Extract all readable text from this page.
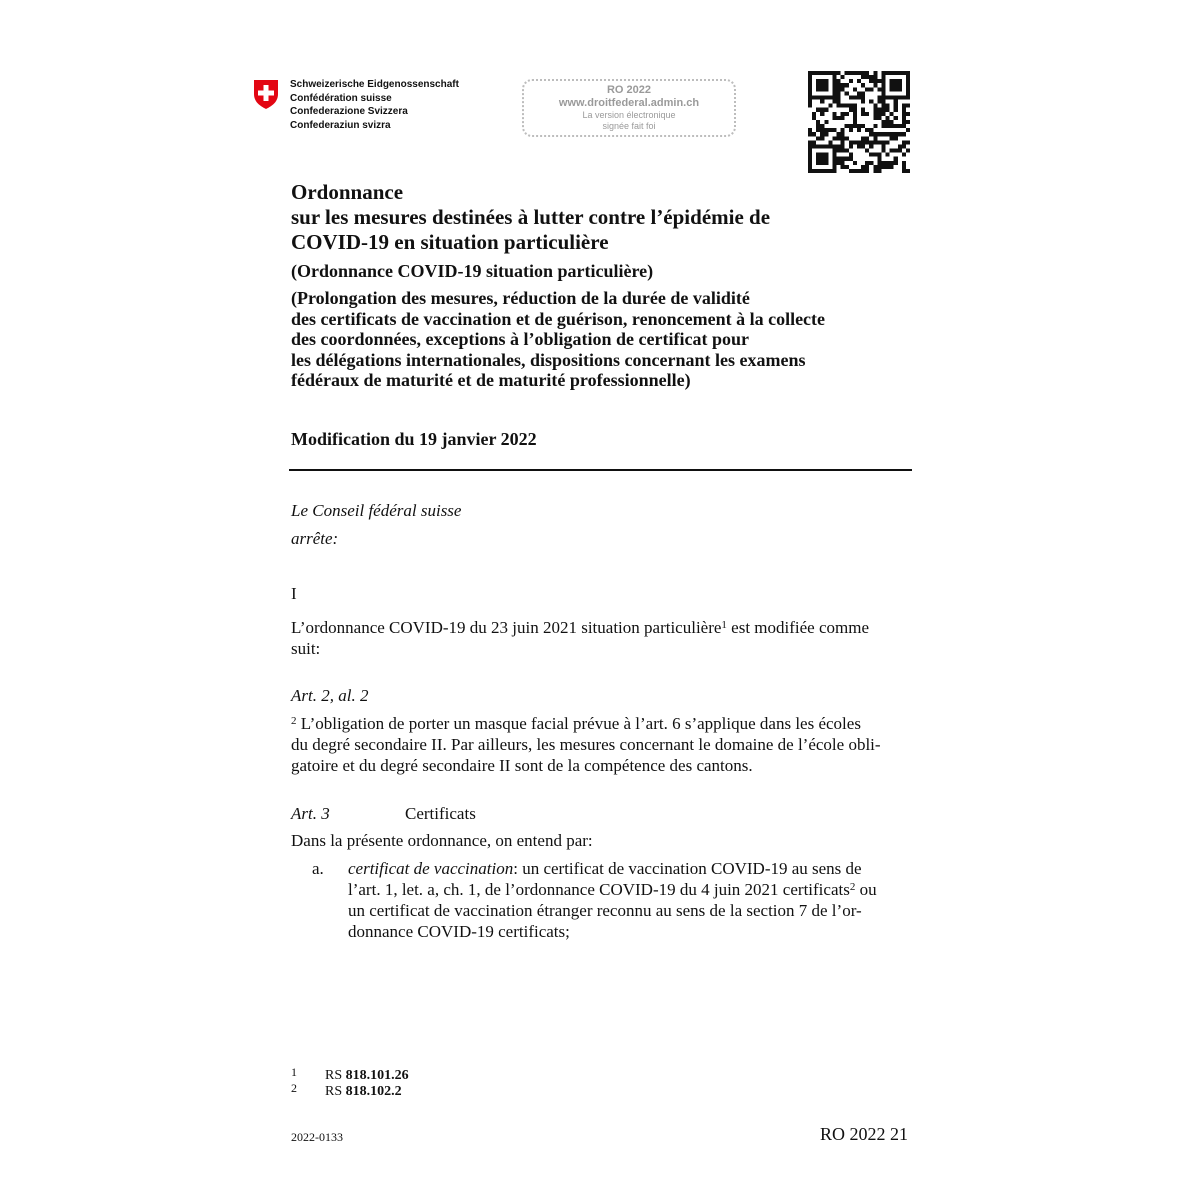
Schweizerische Eidgenossenschaft
Confédération suisse
Confederazione Svizzera
Confederaziun svizra
RO 2022
www.droitfederal.admin.ch
La version électronique
signée fait foi
Ordonnance
sur les mesures destinées à lutter contre l’épidémie de
COVID-19 en situation particulière
(Ordonnance COVID-19 situation particulière)
(Prolongation des mesures, réduction de la durée de validité
des certificats de vaccination et de guérison, renoncement à la collecte
des coordonnées, exceptions à l’obligation de certificat pour
les délégations internationales, dispositions concernant les examens
fédéraux de maturité et de maturité professionnelle)
Modification du 19 janvier 2022
Le Conseil fédéral suisse
arrête:
I
L’ordonnance COVID-19 du 23 juin 2021 situation particulière$^1$ est modifiée comme
suit:
Art. 2, al. 2
$^2$ L’obligation de porter un masque facial prévue à l’art. 6 s’applique dans les écoles
du degré secondaire II. Par ailleurs, les mesures concernant le domaine de l’école obli-
gatoire et du degré secondaire II sont de la compétence des cantons.
Art. 3	Certificats
Dans la présente ordonnance, on entend par:
a. certificat de vaccination: un certificat de vaccination COVID-19 au sens de
l’art. 1, let. a, ch. 1, de l’ordonnance COVID-19 du 4 juin 2021 certificats$^2$ ou
un certificat de vaccination étranger reconnu au sens de la section 7 de l’or-
donnance COVID-19 certificats;
1 RS 818.101.26
2 RS 818.102.2
2022-0133	RO 2022 21
